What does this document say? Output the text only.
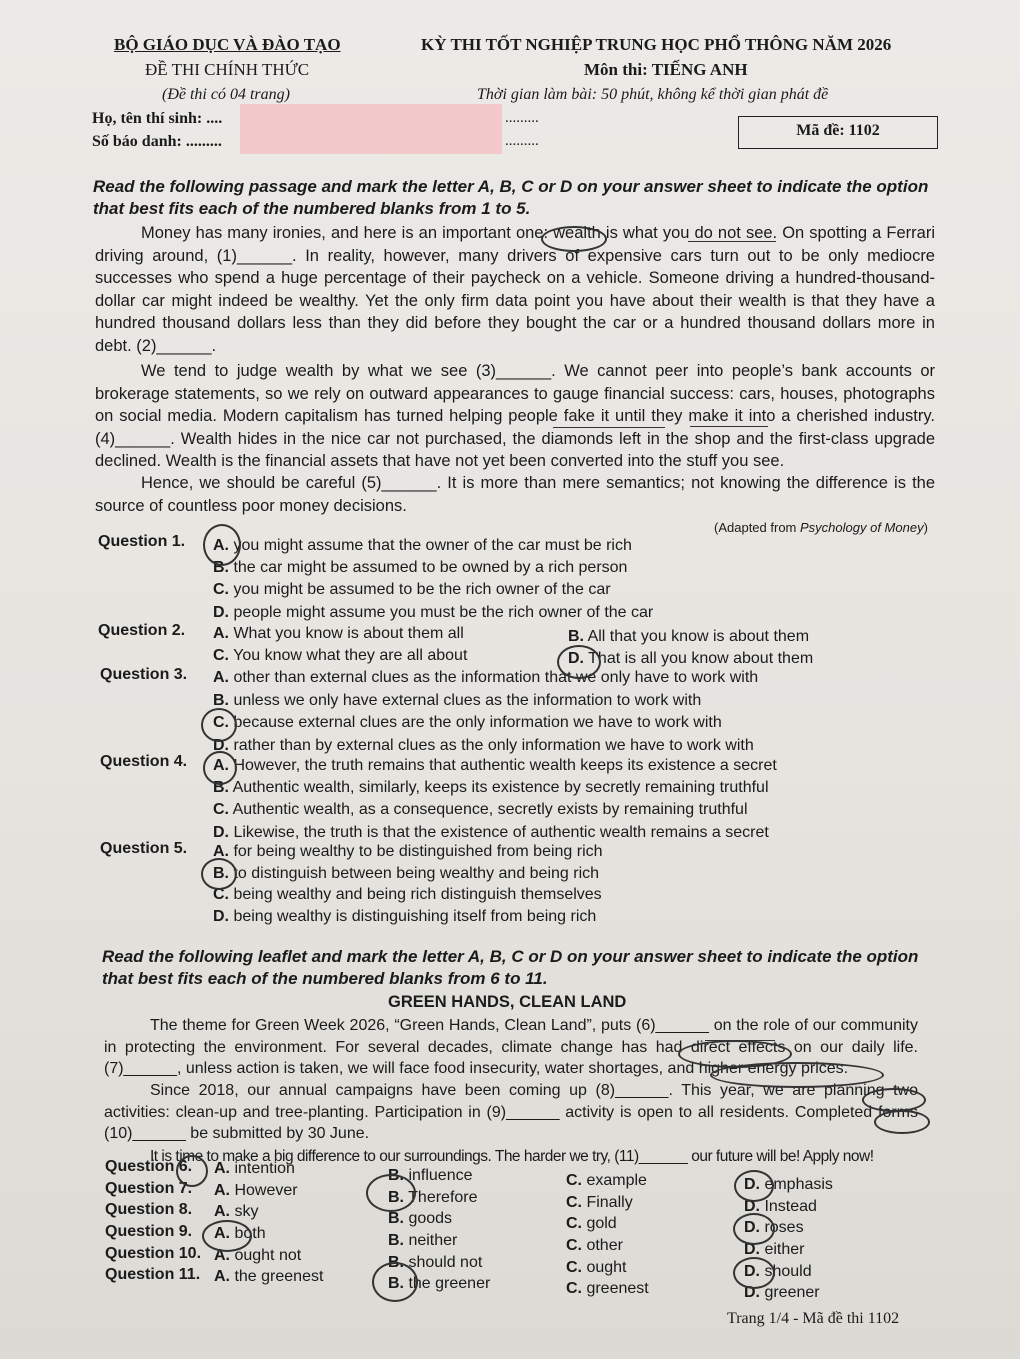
BỘ GIÁO DỤC VÀ ĐÀO TẠO
ĐỀ THI CHÍNH THỨC
(Đề thi có 04 trang)
KỲ THI TỐT NGHIỆP TRUNG HỌC PHỔ THÔNG NĂM 2026
Môn thi: TIẾNG ANH
Thời gian làm bài: 50 phút, không kể thời gian phát đề
Họ, tên thí sinh: ....
Số báo danh: .........
.........
.........
Mã đề: 1102
Read the following passage and mark the letter A, B, C or D on your answer sheet to indicate the option that best fits each of the numbered blanks from 1 to 5.

Money has many ironies, and here is an important one: wealth is what you do not see. On spotting a Ferrari driving around, (1)______. In reality, however, many drivers of expensive cars turn out to be only mediocre successes who spend a huge percentage of their paycheck on a vehicle. Someone driving a hundred-thousand-dollar car might indeed be wealthy. Yet the only firm data point you have about their wealth is that they have a hundred thousand dollars less than they did before they bought the car or a hundred thousand dollars more in debt. (2)______.

We tend to judge wealth by what we see (3)______. We cannot peer into people’s bank accounts or brokerage statements, so we rely on outward appearances to gauge financial success: cars, houses, photographs on social media. Modern capitalism has turned helping people fake it until they make it into a cherished industry. (4)______. Wealth hides in the nice car not purchased, the diamonds left in the shop and the first-class upgrade declined. Wealth is the financial assets that have not yet been converted into the stuff you see.

Hence, we should be careful (5)______. It is more than mere semantics; not knowing the difference is the source of countless poor money decisions.

(Adapted from Psychology of Money)
Question 1. A. you might assume that the owner of the car must be rich
B. the car might be assumed to be owned by a rich person
C. you might be assumed to be the rich owner of the car
D. people might assume you must be the rich owner of the car
Question 2. A. What you know is about them all	B. All that you know is about them
C. You know what they are all about	D. That is all you know about them
Question 3. A. other than external clues as the information that we only have to work with
B. unless we only have external clues as the information to work with
C. because external clues are the only information we have to work with
D. rather than by external clues as the only information we have to work with
Question 4. A. However, the truth remains that authentic wealth keeps its existence a secret
B. Authentic wealth, similarly, keeps its existence by secretly remaining truthful
C. Authentic wealth, as a consequence, secretly exists by remaining truthful
D. Likewise, the truth is that the existence of authentic wealth remains a secret
Question 5. A. for being wealthy to be distinguished from being rich
B. to distinguish between being wealthy and being rich
C. being wealthy and being rich distinguish themselves
D. being wealthy is distinguishing itself from being rich
Read the following leaflet and mark the letter A, B, C or D on your answer sheet to indicate the option that best fits each of the numbered blanks from 6 to 11.
GREEN HANDS, CLEAN LAND

The theme for Green Week 2026, “Green Hands, Clean Land”, puts (6)______ on the role of our community in protecting the environment. For several decades, climate change has had direct effects on our daily life. (7)______, unless action is taken, we will face food insecurity, water shortages, and higher energy prices.

Since 2018, our annual campaigns have been coming up (8)______. This year, we are planning two activities: clean-up and tree-planting. Participation in (9)______ activity is open to all residents. Completed forms (10)______ be submitted by 30 June.

It is time to make a big difference to our surroundings. The harder we try, (11)______ our future will be! Apply now!
Question 6. A. intention	B. influence	C. example	D. emphasis
Question 7. A. However	B. Therefore	C. Finally	D. Instead
Question 8. A. sky	B. goods	C. gold	D. roses
Question 9. A. both	B. neither	C. other	D. either
Question 10. A. ought not	B. should not	C. ought	D. should
Question 11. A. the greenest	B. the greener	C. greenest	D. greener
Trang 1/4 - Mã đề thi 1102
